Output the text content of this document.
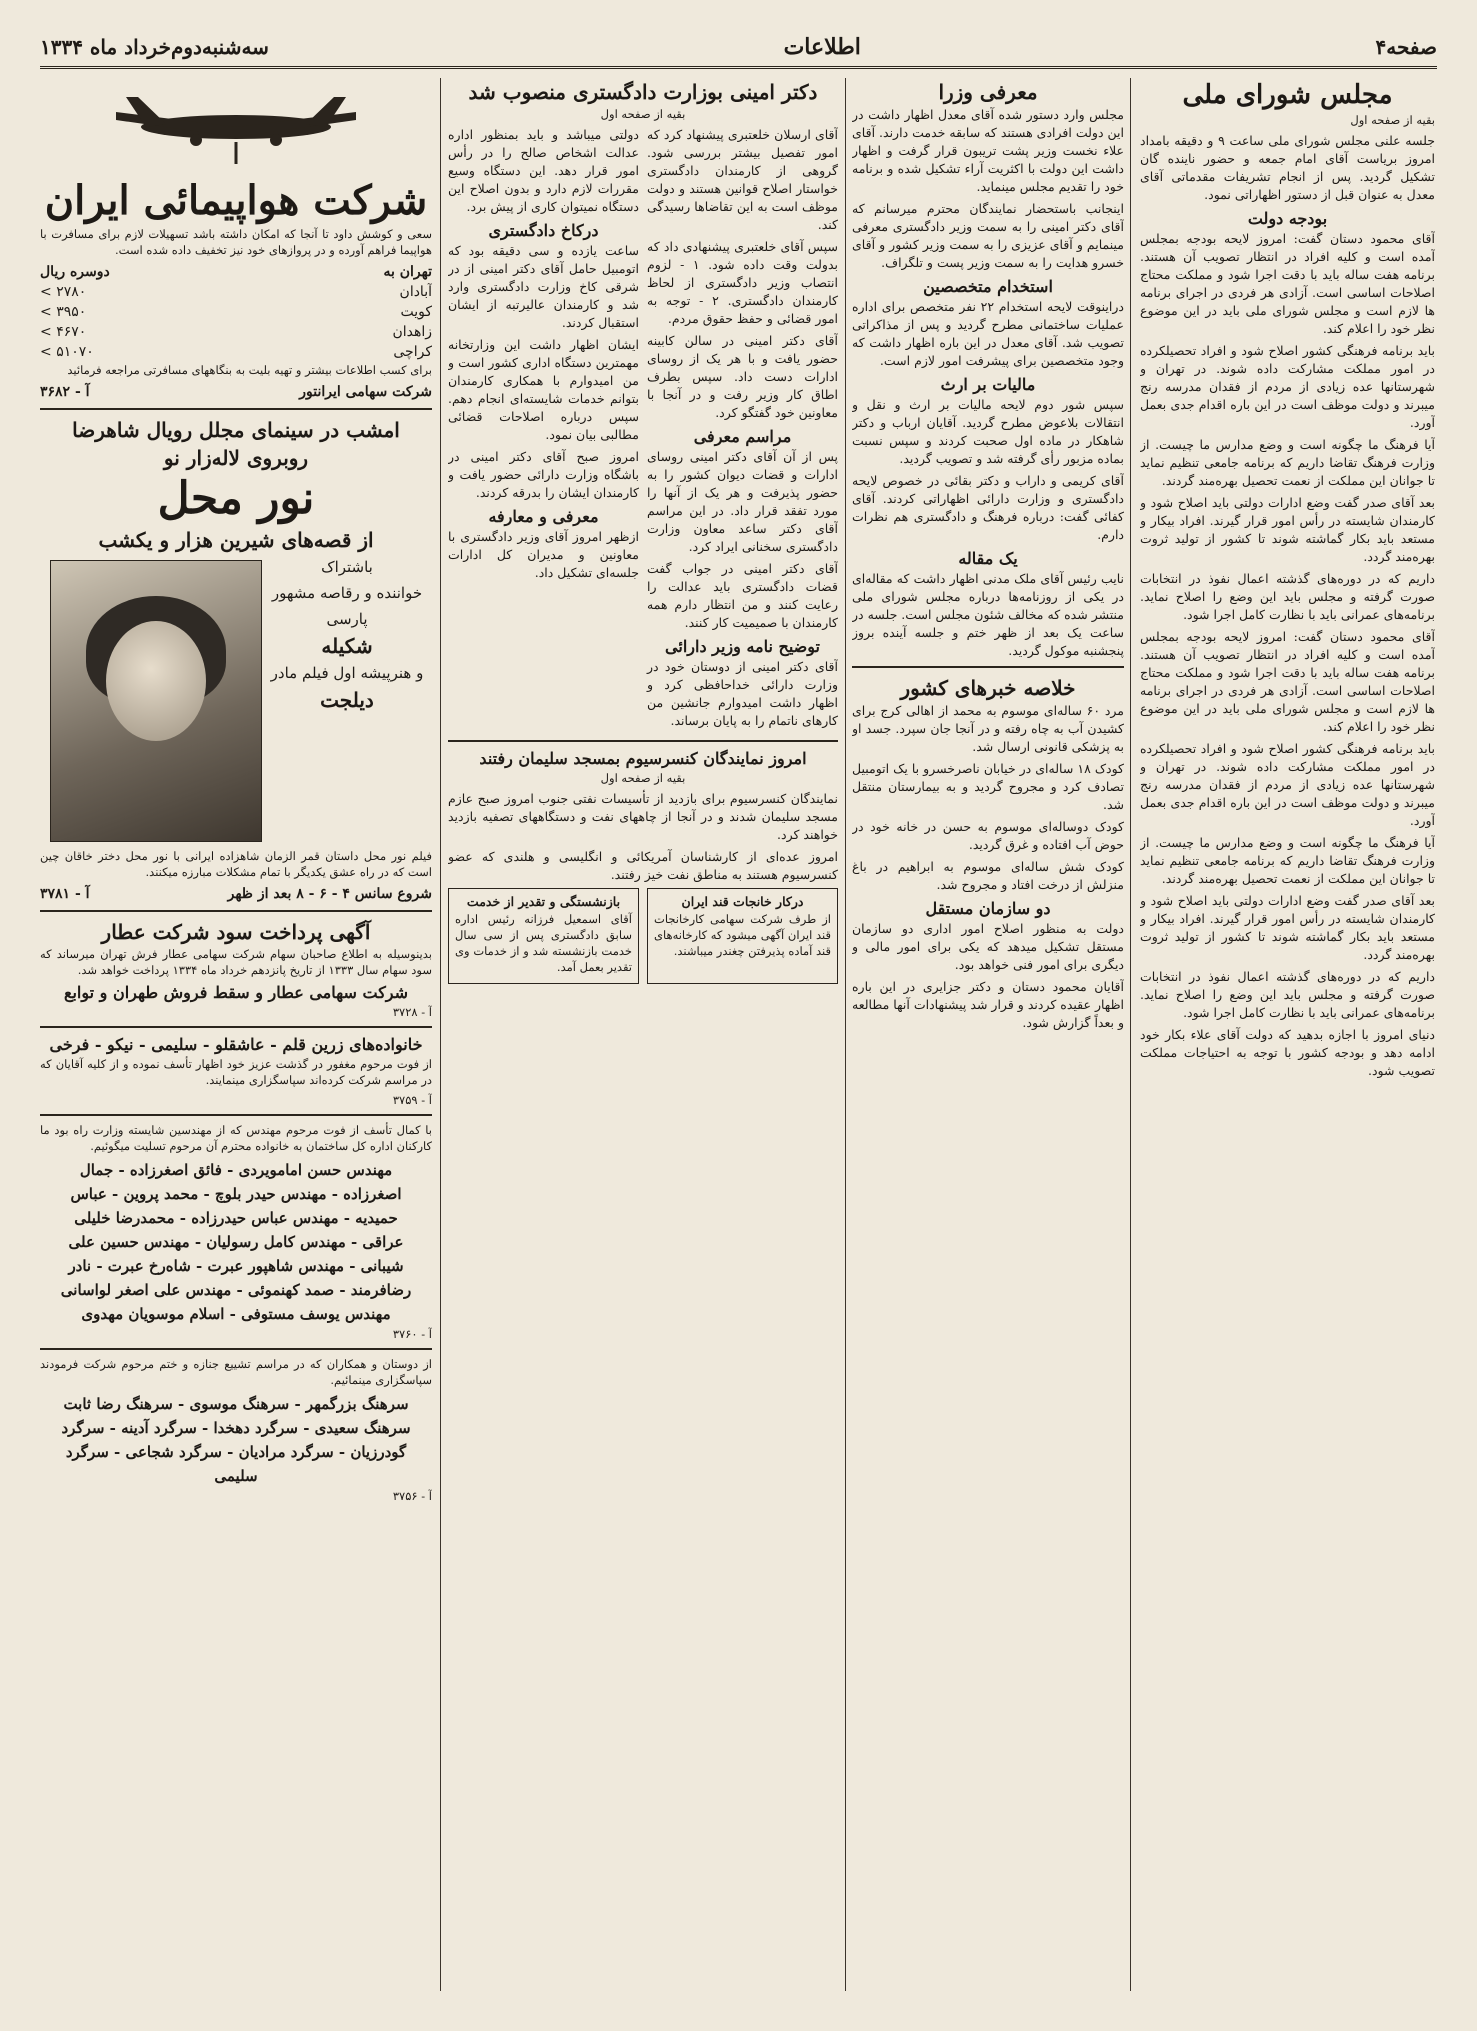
صفحه۴
اطلاعات
سه‌شنبه‌دوم‌خرداد ماه ۱۳۳۴
مجلس شورای ملی

بقیه از صفحه اول

جلسه علنی مجلس شورای ملی ساعت ۹ و دقیقه بامداد امروز بریاست آقای امام جمعه و حضور ناینده گان تشکیل گردید. پس از انجام تشریفات مقدماتی آقای معدل به عنوان قبل از دستور اظهاراتی نمود.

بودجه دولت

آقای محمود دستان گفت: امروز لایحه بودجه بمجلس آمده است و کلیه افراد در انتظار تصویب آن هستند. برنامه هفت ساله باید با دقت اجرا شود و مملکت محتاج اصلاحات اساسی است. آزادی هر فردی در اجرای برنامه ها لازم است و مجلس شورای ملی باید در این موضوع نظر خود را اعلام کند.

باید برنامه فرهنگی کشور اصلاح شود و افراد تحصیلکرده در امور مملکت مشارکت داده شوند. در تهران و شهرستانها عده زیادی از مردم از فقدان مدرسه رنج میبرند و دولت موظف است در این باره اقدام جدی بعمل آورد.

آیا فرهنگ ما چگونه است و وضع مدارس ما چیست. از وزارت فرهنگ تقاضا داریم که برنامه جامعی تنظیم نماید تا جوانان این مملکت از نعمت تحصیل بهره‌مند گردند.

بعد آقای صدر گفت وضع ادارات دولتی باید اصلاح شود و کارمندان شایسته در رأس امور قرار گیرند. افراد بیکار و مستعد باید بکار گماشته شوند تا کشور از تولید ثروت بهره‌مند گردد.

داریم که در دوره‌های گذشته اعمال نفوذ در انتخابات صورت گرفته و مجلس باید این وضع را اصلاح نماید. برنامه‌های عمرانی باید با نظارت کامل اجرا شود.

آقای محمود دستان گفت: امروز لایحه بودجه بمجلس آمده است و کلیه افراد در انتظار تصویب آن هستند. برنامه هفت ساله باید با دقت اجرا شود و مملکت محتاج اصلاحات اساسی است. آزادی هر فردی در اجرای برنامه ها لازم است و مجلس شورای ملی باید در این موضوع نظر خود را اعلام کند.

باید برنامه فرهنگی کشور اصلاح شود و افراد تحصیلکرده در امور مملکت مشارکت داده شوند. در تهران و شهرستانها عده زیادی از مردم از فقدان مدرسه رنج میبرند و دولت موظف است در این باره اقدام جدی بعمل آورد.

آیا فرهنگ ما چگونه است و وضع مدارس ما چیست. از وزارت فرهنگ تقاضا داریم که برنامه جامعی تنظیم نماید تا جوانان این مملکت از نعمت تحصیل بهره‌مند گردند.

بعد آقای صدر گفت وضع ادارات دولتی باید اصلاح شود و کارمندان شایسته در رأس امور قرار گیرند. افراد بیکار و مستعد باید بکار گماشته شوند تا کشور از تولید ثروت بهره‌مند گردد.

داریم که در دوره‌های گذشته اعمال نفوذ در انتخابات صورت گرفته و مجلس باید این وضع را اصلاح نماید. برنامه‌های عمرانی باید با نظارت کامل اجرا شود.

دنیای امروز با اجازه بدهید که دولت آقای علاء بکار خود ادامه دهد و بودجه کشور با توجه به احتیاجات مملکت تصویب شود.

معرفی وزرا

مجلس وارد دستور شده آقای معدل اظهار داشت در این دولت افرادی هستند که سابقه خدمت دارند. آقای علاء نخست وزیر پشت تریبون قرار گرفت و اظهار داشت این دولت با اکثریت آراء تشکیل شده و برنامه خود را تقدیم مجلس مینماید.

اینجانب باستحضار نمایندگان محترم میرسانم که آقای دکتر امینی را به سمت وزیر دادگستری معرفی مینمایم و آقای عزیزی را به سمت وزیر کشور و آقای خسرو هدایت را به سمت وزیر پست و تلگراف.

استخدام متخصصین

دراینوقت لایحه استخدام ۲۲ نفر متخصص برای اداره عملیات ساختمانی مطرح گردید و پس از مذاکراتی تصویب شد. آقای معدل در این باره اظهار داشت که وجود متخصصین برای پیشرفت امور لازم است.

مالیات بر ارث

سپس شور دوم لایحه مالیات بر ارث و نقل و انتقالات بلاعوض مطرح گردید. آقایان ارباب و دکتر شاهکار در ماده اول صحبت کردند و سپس نسبت بماده مزبور رأی گرفته شد و تصویب گردید.

آقای کریمی و داراب و دکتر بقائی در خصوص لایحه دادگستری و وزارت دارائی اظهاراتی کردند. آقای کفائی گفت: درباره فرهنگ و دادگستری هم نظرات دارم.

یک مقاله

نایب رئیس آقای ملک مدنی اظهار داشت که مقاله‌ای در یکی از روزنامه‌ها درباره مجلس شورای ملی منتشر شده که مخالف شئون مجلس است. جلسه در ساعت یک بعد از ظهر ختم و جلسه آینده بروز پنجشنبه موکول گردید.

خلاصه خبرهای کشور

مرد ۶۰ ساله‌ای موسوم به محمد از اهالی کرج برای کشیدن آب به چاه رفته و در آنجا جان سپرد. جسد او به پزشکی قانونی ارسال شد.

کودک ۱۸ ساله‌ای در خیابان ناصرخسرو با یک اتومبیل تصادف کرد و مجروح گردید و به بیمارستان منتقل شد.

کودک دوساله‌ای موسوم به حسن در خانه خود در حوض آب افتاده و غرق گردید.

کودک شش ساله‌ای موسوم به ابراهیم در باغ منزلش از درخت افتاد و مجروح شد.

دو سازمان مستقل

دولت به منظور اصلاح امور اداری دو سازمان مستقل تشکیل میدهد که یکی برای امور مالی و دیگری برای امور فنی خواهد بود.

آقایان محمود دستان و دکتر جزایری در این باره اظهار عقیده کردند و قرار شد پیشنهادات آنها مطالعه و بعداً گزارش شود.

دکتر امینی بوزارت دادگستری منصوب شد

بقیه از صفحه اول

آقای ارسلان خلعتبری پیشنهاد کرد که امور تفصیل بیشتر بررسی شود. گروهی از کارمندان دادگستری خواستار اصلاح قوانین هستند و دولت موظف است به این تقاضاها رسیدگی کند.

سپس آقای خلعتبری پیشنهادی داد که بدولت وقت داده شود. ۱ - لزوم انتصاب وزیر دادگستری از لحاظ کارمندان دادگستری. ۲ - توجه به امور قضائی و حفظ حقوق مردم.

آقای دکتر امینی در سالن کابینه حضور یافت و با هر یک از روسای ادارات دست داد. سپس بطرف اطاق کار وزیر رفت و در آنجا با معاونین خود گفتگو کرد.

مراسم معرفی

پس از آن آقای دکتر امینی روسای ادارات و قضات دیوان کشور را به حضور پذیرفت و هر یک از آنها را مورد تفقد قرار داد. در این مراسم آقای دکتر ساعد معاون وزارت دادگستری سخنانی ایراد کرد.

آقای دکتر امینی در جواب گفت قضات دادگستری باید عدالت را رعایت کنند و من انتظار دارم همه کارمندان با صمیمیت کار کنند.

توضیح نامه وزیر دارائی

آقای دکتر امینی از دوستان خود در وزارت دارائی خداحافظی کرد و اظهار داشت امیدوارم جانشین من کارهای ناتمام را به پایان برساند.

دولتی میباشد و باید بمنظور اداره عدالت اشخاص صالح را در رأس امور قرار دهد. این دستگاه وسیع مقررات لازم دارد و بدون اصلاح این دستگاه نمیتوان کاری از پیش برد.

درکاخ دادگستری

ساعت یازده و سی دقیقه بود که اتومبیل حامل آقای دکتر امینی از در شرقی کاخ وزارت دادگستری وارد شد و کارمندان عالیرتبه از ایشان استقبال کردند.

ایشان اظهار داشت این وزارتخانه مهمترین دستگاه اداری کشور است و من امیدوارم با همکاری کارمندان بتوانم خدمات شایسته‌ای انجام دهم. سپس درباره اصلاحات قضائی مطالبی بیان نمود.

امروز صبح آقای دکتر امینی در باشگاه وزارت دارائی حضور یافت و کارمندان ایشان را بدرقه کردند.

معرفی و معارفه

ازظهر امروز آقای وزیر دادگستری با معاونین و مدیران کل ادارات جلسه‌ای تشکیل داد.

امروز نمایندگان کنسرسیوم بمسجد سلیمان رفتند

بقیه از صفحه اول

نمایندگان کنسرسیوم برای بازدید از تأسیسات نفتی جنوب امروز صبح عازم مسجد سلیمان شدند و در آنجا از چاههای نفت و دستگاههای تصفیه بازدید خواهند کرد.

امروز عده‌ای از کارشناسان آمریکائی و انگلیسی و هلندی که عضو کنسرسیوم هستند به مناطق نفت خیز رفتند.

درکار خانجات قند ایران

از طرف شرکت سهامی کارخانجات قند ایران آگهی میشود که کارخانه‌های قند آماده پذیرفتن چغندر میباشند.

بازنشستگی و تقدیر از خدمت

آقای اسمعیل فرزانه رئیس اداره سابق دادگستری پس از سی سال خدمت بازنشسته شد و از خدمات وی تقدیر بعمل آمد.

شرکت هواپیمائی ایران

سعی و کوشش داود تا آنجا که امکان داشته باشد تسهیلات لازم برای مسافرت با هواپیما فراهم آورده و در پروازهای خود نیز تخفیف داده شده است.

تهران به
دوسره ریال
آبادان
۲۷۸۰ >
کویت
۳۹۵۰ >
زاهدان
۴۶۷۰ >
کراچی
۵۱۰۷۰ >

برای کسب اطلاعات بیشتر و تهیه بلیت به بنگاههای مسافرتی مراجعه فرمائید

شرکت سهامی ایرانتور
آ - ۳۶۸۲
امشب در سینمای مجلل رویال شاهرضا
روبروی لاله‌زار نو
نور محل
از قصه‌های شیرین هزار و یکشب
باشتراک
خواننده و رقاصه مشهور
پارسی
شکیله
و هنرپیشه اول فیلم مادر
دیلجت

فیلم نور محل داستان قمر الزمان شاهزاده ایرانی با نور محل دختر خاقان چین است که در راه عشق یکدیگر با تمام مشکلات مبارزه میکنند.

شروع سانس ۴ - ۶ - ۸ بعد از ظهر
آ - ۳۷۸۱
آگهی پرداخت سود شرکت عطار

بدینوسیله به اطلاع صاحبان سهام شرکت سهامی عطار فرش تهران میرساند که سود سهام سال ۱۳۳۳ از تاریخ پانزدهم خرداد ماه ۱۳۳۴ پرداخت خواهد شد.

شرکت سهامی عطار و سقط فروش طهران و توابع
آ - ۳۷۲۸
خانواده‌های زرین قلم - عاشقلو - سلیمی - نیکو - فرخی

از فوت مرحوم مغفور در گذشت عزیز خود اظهار تأسف نموده و از کلیه آقایان که در مراسم شرکت کرده‌اند سپاسگزاری مینمایند.

آ - ۳۷۵۹

با کمال تأسف از فوت مرحوم مهندس که از مهندسین شایسته وزارت راه بود ما کارکنان اداره کل ساختمان به خانواده محترم آن مرحوم تسلیت میگوئیم.

مهندس حسن امامویردی - فائق اصغرزاده - جمال
اصغرزاده - مهندس حیدر بلوچ - محمد پروین - عباس
حمیدیه - مهندس عباس حیدرزاده - محمدرضا خلیلی
عراقی - مهندس کامل رسولیان - مهندس حسین علی
شیبانی - مهندس شاهپور عبرت - شاه‌رخ عبرت - نادر
رضافرمند - صمد کهنموئی - مهندس علی اصغر لواسانی
مهندس یوسف مستوفی - اسلام موسویان مهدوی
آ - ۳۷۶۰

از دوستان و همکاران که در مراسم تشییع جنازه و ختم مرحوم شرکت فرمودند سپاسگزاری مینمائیم.

سرهنگ بزرگمهر - سرهنگ موسوی - سرهنگ رضا ثابت
سرهنگ سعیدی - سرگرد دهخدا - سرگرد آدینه - سرگرد
گودرزیان - سرگرد مرادیان - سرگرد شجاعی - سرگرد
سلیمی
آ - ۳۷۵۶
